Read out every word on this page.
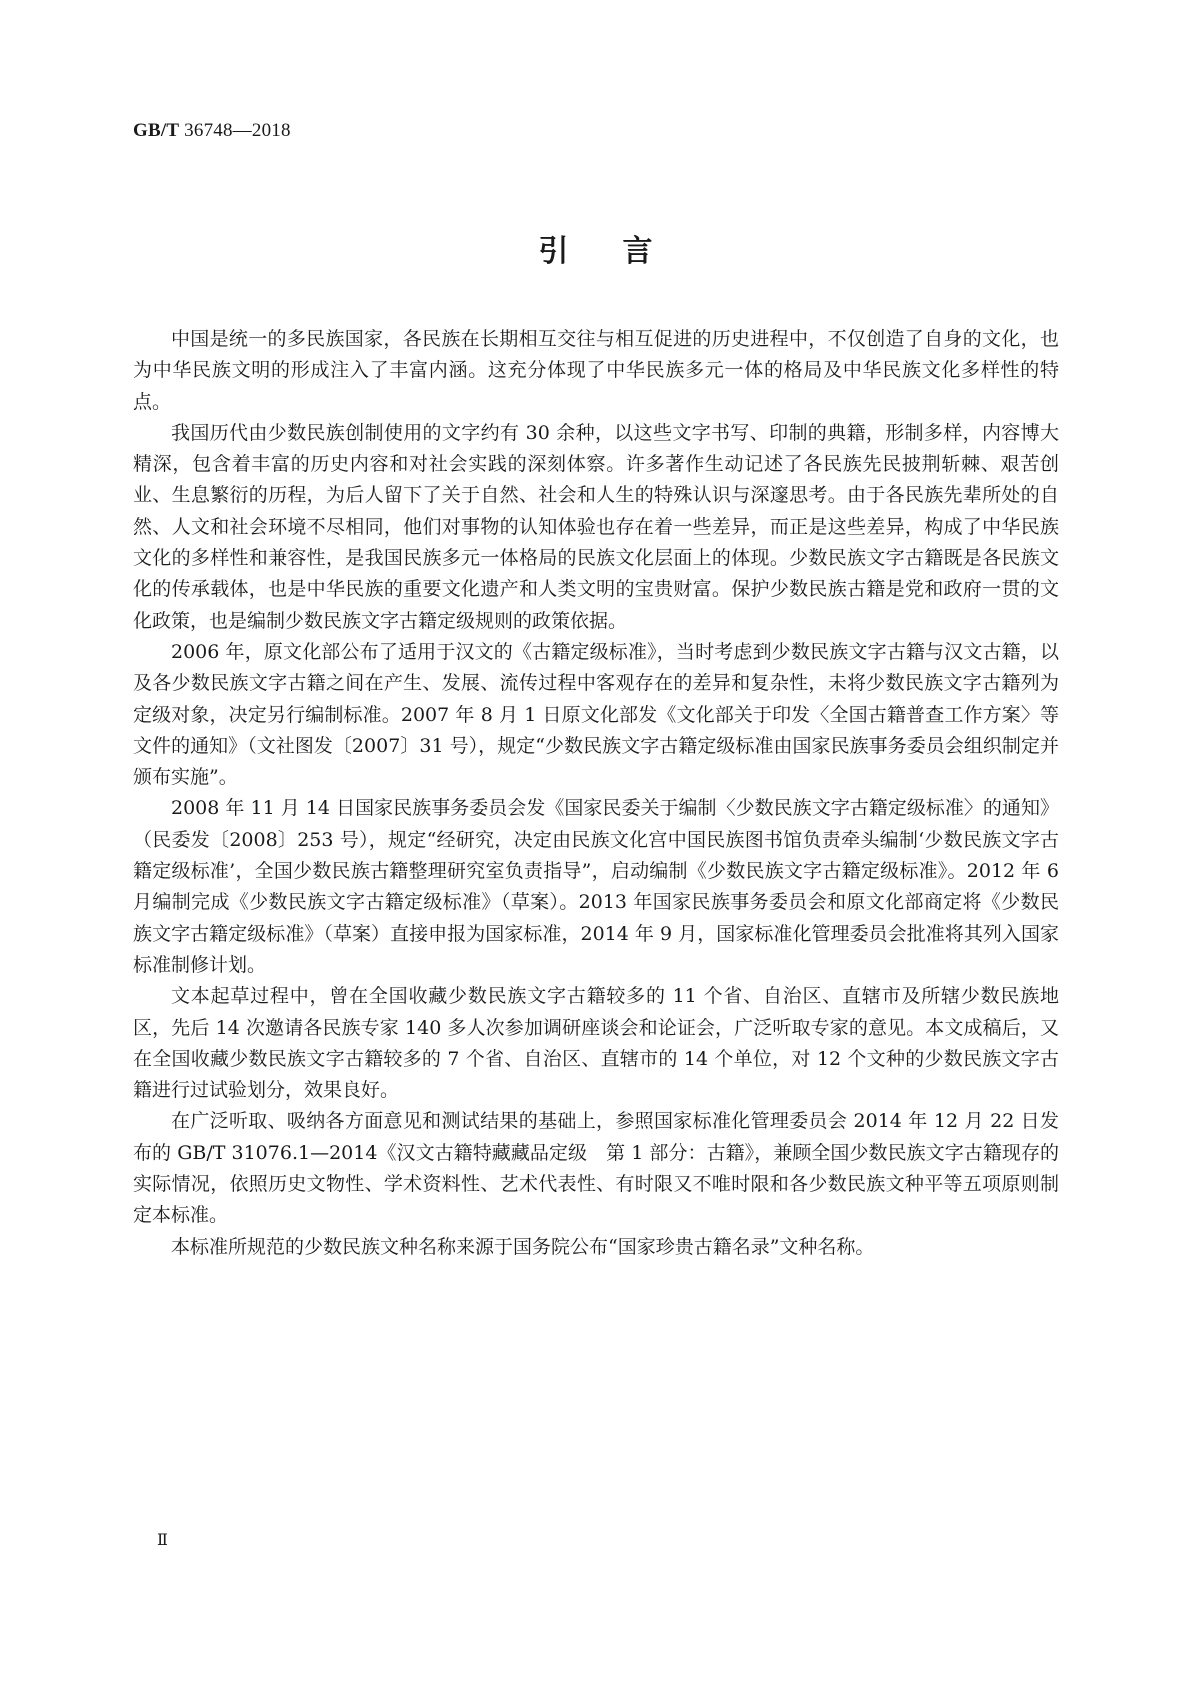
GB/T 36748—2018
引言

中国是统一的多民族国家，各民族在长期相互交往与相互促进的历史进程中，不仅创造了自身的文化，也为中华民族文明的形成注入了丰富内涵。这充分体现了中华民族多元一体的格局及中华民族文化多样性的特点。

我国历代由少数民族创制使用的文字约有 30 余种，以这些文字书写、印制的典籍，形制多样，内容博大精深，包含着丰富的历史内容和对社会实践的深刻体察。许多著作生动记述了各民族先民披荆斩棘、艰苦创业、生息繁衍的历程，为后人留下了关于自然、社会和人生的特殊认识与深邃思考。由于各民族先辈所处的自然、人文和社会环境不尽相同，他们对事物的认知体验也存在着一些差异，而正是这些差异，构成了中华民族文化的多样性和兼容性，是我国民族多元一体格局的民族文化层面上的体现。少数民族文字古籍既是各民族文化的传承载体，也是中华民族的重要文化遗产和人类文明的宝贵财富。保护少数民族古籍是党和政府一贯的文化政策，也是编制少数民族文字古籍定级规则的政策依据。

2006 年，原文化部公布了适用于汉文的《古籍定级标准》，当时考虑到少数民族文字古籍与汉文古籍，以及各少数民族文字古籍之间在产生、发展、流传过程中客观存在的差异和复杂性，未将少数民族文字古籍列为定级对象，决定另行编制标准。2007 年 8 月 1 日原文化部发《文化部关于印发〈全国古籍普查工作方案〉等文件的通知》（文社图发〔2007〕31 号），规定“少数民族文字古籍定级标准由国家民族事务委员会组织制定并颁布实施”。

2008 年 11 月 14 日国家民族事务委员会发《国家民委关于编制〈少数民族文字古籍定级标准〉的通知》（民委发〔2008〕253 号），规定“经研究，决定由民族文化宫中国民族图书馆负责牵头编制‘少数民族文字古籍定级标准’，全国少数民族古籍整理研究室负责指导”，启动编制《少数民族文字古籍定级标准》。2012 年 6 月编制完成《少数民族文字古籍定级标准》（草案）。2013 年国家民族事务委员会和原文化部商定将《少数民族文字古籍定级标准》（草案）直接申报为国家标准，2014 年 9 月，国家标准化管理委员会批准将其列入国家标准制修计划。

文本起草过程中，曾在全国收藏少数民族文字古籍较多的 11 个省、自治区、直辖市及所辖少数民族地区，先后 14 次邀请各民族专家 140 多人次参加调研座谈会和论证会，广泛听取专家的意见。本文成稿后，又在全国收藏少数民族文字古籍较多的 7 个省、自治区、直辖市的 14 个单位，对 12 个文种的少数民族文字古籍进行过试验划分，效果良好。

在广泛听取、吸纳各方面意见和测试结果的基础上，参照国家标准化管理委员会 2014 年 12 月 22 日发布的 GB/T 31076.1—2014《汉文古籍特藏藏品定级　第 1 部分：古籍》，兼顾全国少数民族文字古籍现存的实际情况，依照历史文物性、学术资料性、艺术代表性、有时限又不唯时限和各少数民族文种平等五项原则制定本标准。

本标准所规范的少数民族文种名称来源于国务院公布“国家珍贵古籍名录”文种名称。

Ⅱ
